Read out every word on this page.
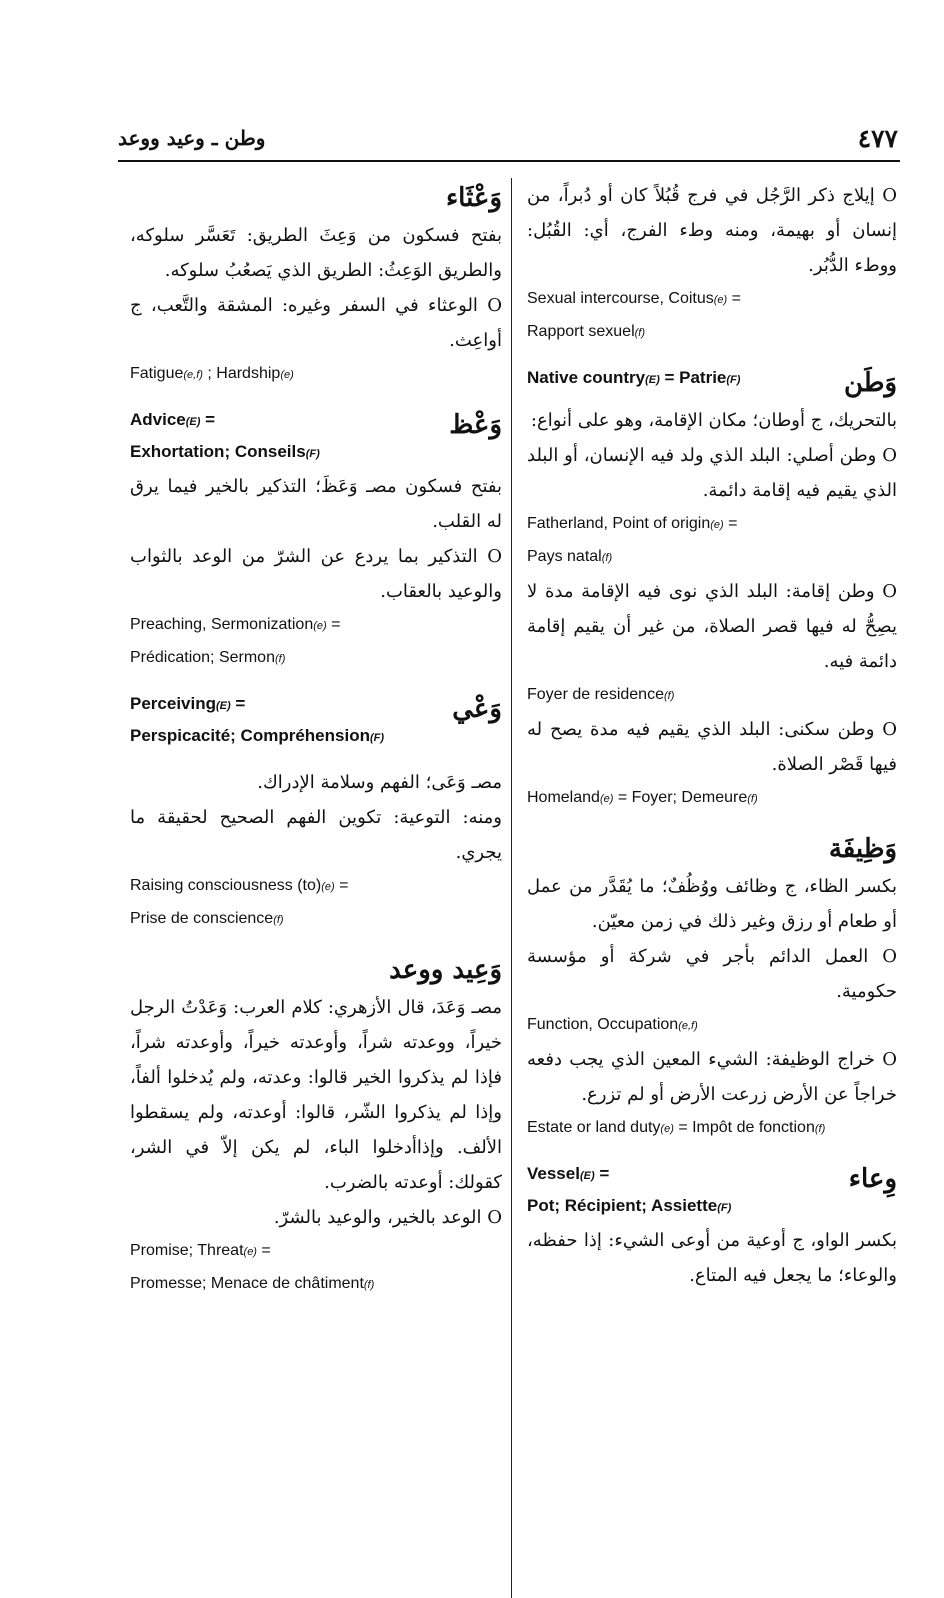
وطن ـ وعيد ووعد	٤٧٧

O إيلاج ذكر الرَّجُل في فرج قُبُلاً كان أو دُبراً، من إنسان أو بهيمة، ومنه وطء الفرج، أي: القُبُل: ووطء الدُّبُر.

Sexual intercourse, Coitus(e) =

Rapport sexuel(f)

Native country(E) = Patrie(F)	وَطَن

بالتحريك، ج أوطان؛ مكان الإقامة، وهو على أنواع:

O وطن أصلي: البلد الذي ولد فيه الإنسان، أو البلد الذي يقيم فيه إقامة دائمة.

Fatherland, Point of origin(e) =

Pays natal(f)

O وطن إقامة: البلد الذي نوى فيه الإقامة مدة لا يصِحُّ له فيها قصر الصلاة، من غير أن يقيم إقامة دائمة فيه.

Foyer de residence(f)

O وطن سكنى: البلد الذي يقيم فيه مدة يصح له فيها قَصْر الصلاة.

Homeland(e) = Foyer; Demeure(f)

وَظِيفَة

بكسر الظاء، ج وظائف ووُظُفٌ؛ ما يُقَدَّر من عمل أو طعام أو رزق وغير ذلك في زمن معيّن.

O العمل الدائم بأجر في شركة أو مؤسسة حكومية.

Function, Occupation(e,f)

O خراج الوظيفة: الشيء المعين الذي يجب دفعه خراجاً عن الأرض زرعت الأرض أو لم تزرع.

Estate or land duty(e) = Impôt de fonction(f)

Vessel(E) =
Pot; Récipient; Assiette(F)
وِعاء

بكسر الواو، ج أوعية من أوعى الشيء: إذا حفظه، والوعاء؛ ما يجعل فيه المتاع.

وَعْثَاء

بفتح فسكون من وَعِثَ الطريق: تَعَسَّر سلوكه، والطريق الوَعِثُ: الطريق الذي يَصعُبُ سلوكه.

O الوعثاء في السفر وغيره: المشقة والتَّعب، ج أواعِث.

Fatigue(e,f) ; Hardship(e)

Advice(E) =
Exhortation; Conseils(F)
وَعْظ

بفتح فسكون مصـ وَعَظَ؛ التذكير بالخير فيما يرق له القلب.

O التذكير بما يردع عن الشرّ من الوعد بالثواب والوعيد بالعقاب.

Preaching, Sermonization(e) =

Prédication; Sermon(f)

Perceiving(E) =
Perspicacité; Compréhension(F)
وَعْي

مصـ وَعَى؛ الفهم وسلامة الإدراك.

ومنه: التوعية: تكوين الفهم الصحيح لحقيقة ما يجري.

Raising consciousness (to)(e) =

Prise de conscience(f)

وَعِيد ووعد

مصـ وَعَدَ، قال الأزهري: كلام العرب: وَعَدْتُ الرجل خيراً، ووعدته شراً، وأوعدته خيراً، وأوعدته شراً، فإذا لم يذكروا الخير قالوا: وعدته، ولم يُدخلوا ألفاً، وإذا لم يذكروا الشّر، قالوا: أوعدته، ولم يسقطوا الألف. وإذاأدخلوا الباء، لم يكن إلاّ في الشر، كقولك: أوعدته بالضرب.

O الوعد بالخير، والوعيد بالشرّ.

Promise; Threat(e) =

Promesse; Menace de châtiment(f)
